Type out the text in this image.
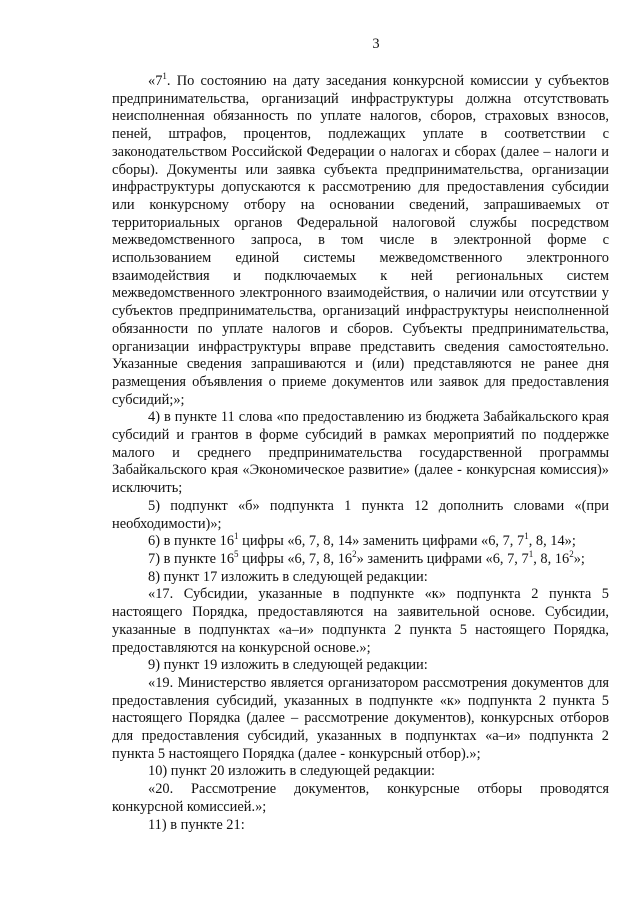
3

«$7^1$. По состоянию на дату заседания конкурсной комиссии у субъектов предпринимательства, организаций инфраструктуры должна отсутствовать неисполненная обязанность по уплате налогов, сборов, страховых взносов, пеней, штрафов, процентов, подлежащих уплате в соответствии с законодательством Российской Федерации о налогах и сборах (далее – налоги и сборы). Документы или заявка субъекта предпринимательства, организации инфраструктуры допускаются к рассмотрению для предоставления субсидии или конкурсному отбору на основании сведений, запрашиваемых от территориальных органов Федеральной налоговой службы посредством межведомственного запроса, в том числе в электронной форме с использованием единой системы межведомственного электронного взаимодействия и подключаемых к ней региональных систем межведомственного электронного взаимодействия, о наличии или отсутствии у субъектов предпринимательства, организаций инфраструктуры неисполненной обязанности по уплате налогов и сборов. Субъекты предпринимательства, организации инфраструктуры вправе представить сведения самостоятельно. Указанные сведения запрашиваются и (или) представляются не ранее дня размещения объявления о приеме документов или заявок для предоставления субсидий;»;

4) в пункте 11 слова «по предоставлению из бюджета Забайкальского края субсидий и грантов в форме субсидий в рамках мероприятий по поддержке малого и среднего предпринимательства государственной программы Забайкальского края «Экономическое развитие» (далее - конкурсная комиссия)» исключить;

5) подпункт «б» подпункта 1 пункта 12 дополнить словами «(при необходимости)»;

6) в пункте $16^1$ цифры «6, 7, 8, 14» заменить цифрами «6, 7, $7^1$, 8, 14»;

7) в пункте $16^5$ цифры «6, 7, 8, $16^2$» заменить цифрами «6, 7, $7^1$, 8, $16^2$»;

8) пункт 17 изложить в следующей редакции:

«17. Субсидии, указанные в подпункте «к» подпункта 2 пункта 5 настоящего Порядка, предоставляются на заявительной основе. Субсидии, указанные в подпунктах «а–и» подпункта 2 пункта 5 настоящего Порядка, предоставляются на конкурсной основе.»;

9) пункт 19 изложить в следующей редакции:

«19. Министерство является организатором рассмотрения документов для предоставления субсидий, указанных в подпункте «к» подпункта 2 пункта 5 настоящего Порядка (далее – рассмотрение документов), конкурсных отборов для предоставления субсидий, указанных в подпунктах «а–и» подпункта 2 пункта 5 настоящего Порядка (далее - конкурсный отбор).»;

10) пункт 20 изложить в следующей редакции:

«20. Рассмотрение документов, конкурсные отборы проводятся конкурсной комиссией.»;

11) в пункте 21:
